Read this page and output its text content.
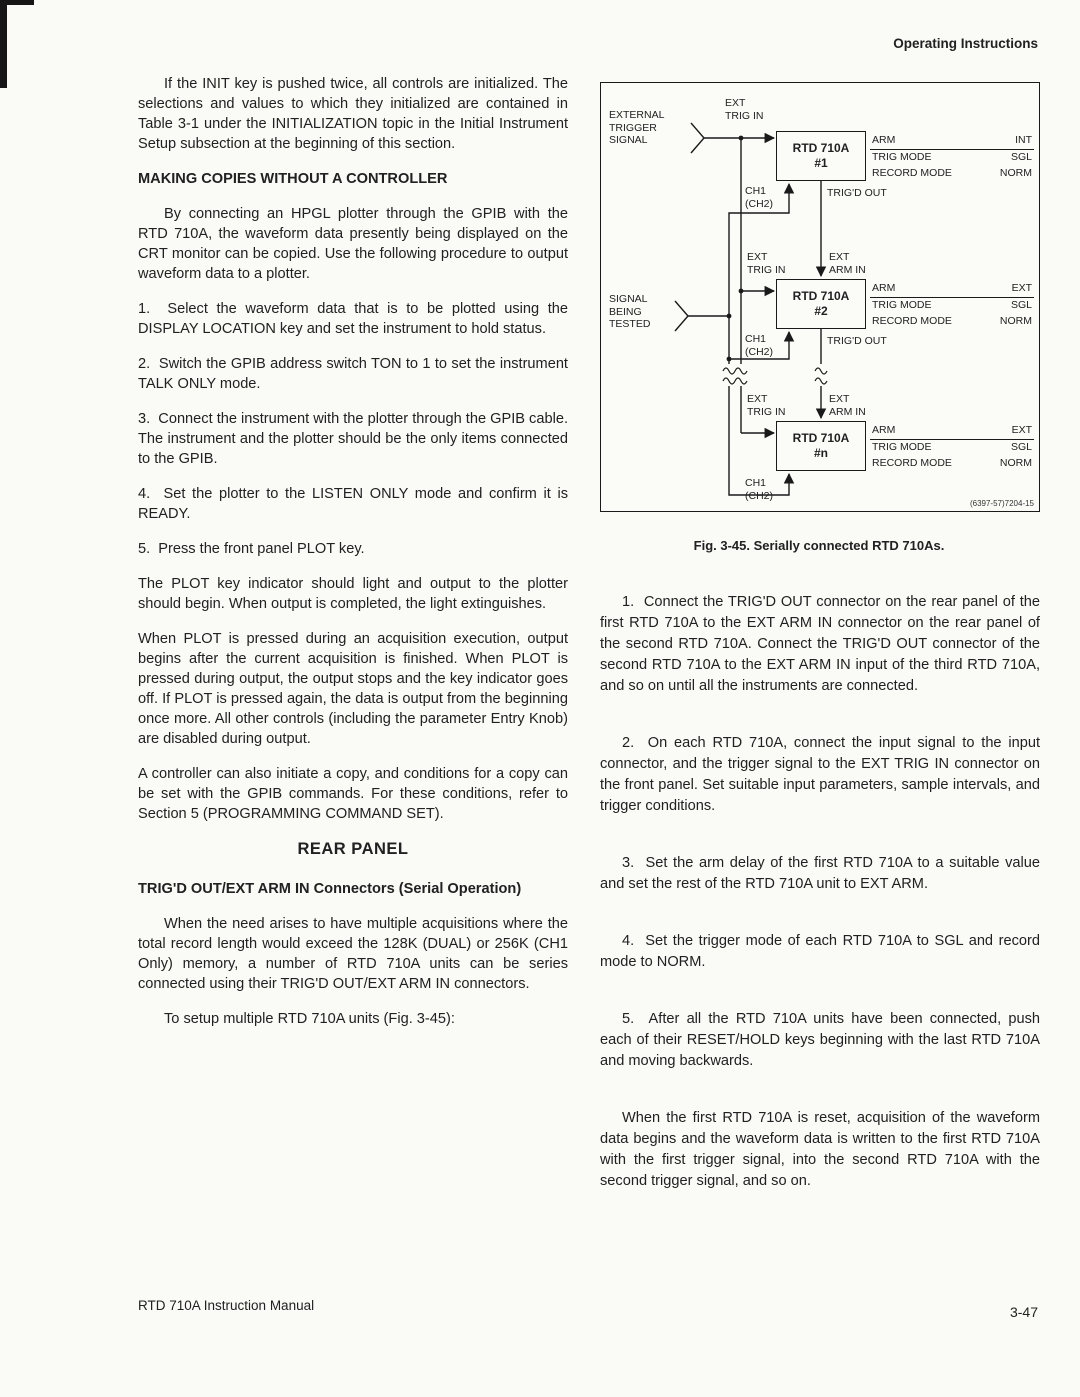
Operating Instructions

If the INIT key is pushed twice, all controls are initialized. The selections and values to which they initialized are contained in Table 3-1 under the INITIALIZATION topic in the Initial Instrument Setup subsection at the beginning of this section.

MAKING COPIES WITHOUT A CONTROLLER

By connecting an HPGL plotter through the GPIB with the RTD 710A, the waveform data presently being displayed on the CRT monitor can be copied. Use the following procedure to output waveform data to a plotter.

1.  Select the waveform data that is to be plotted using the DISPLAY LOCATION key and set the instrument to hold status.

2.  Switch the GPIB address switch TON to 1 to set the instrument TALK ONLY mode.

3.  Connect the instrument with the plotter through the GPIB cable. The instrument and the plotter should be the only items connected to the GPIB.

4.  Set the plotter to the LISTEN ONLY mode and confirm it is READY.

5.  Press the front panel PLOT key.

The PLOT key indicator should light and output to the plotter should begin. When output is completed, the light extinguishes.

When PLOT is pressed during an acquisition execution, output begins after the current acquisition is finished. When PLOT is pressed during output, the output stops and the key indicator goes off. If PLOT is pressed again, the data is output from the beginning once more. All other controls (including the parameter Entry Knob) are disabled during output.

A controller can also initiate a copy, and conditions for a copy can be set with the GPIB commands. For these conditions, refer to Section 5 (PROGRAMMING COMMAND SET).

REAR PANEL
TRIG'D OUT/EXT ARM IN Connectors (Serial Operation)

When the need arises to have multiple acquisitions where the total record length would exceed the 128K (DUAL) or 256K (CH1 Only) memory, a number of RTD 710A units can be series connected using their TRIG'D OUT/EXT ARM IN connectors.

To setup multiple RTD 710A units (Fig. 3-45):

RTD 710A
#1
RTD 710A
#2
RTD 710A
#n
ARM	INT
TRIG MODE	SGL
RECORD MODE	NORM
ARM	EXT
TRIG MODE	SGL
RECORD MODE	NORM
ARM	EXT
TRIG MODE	SGL
RECORD MODE	NORM
EXTERNAL
TRIGGER
SIGNAL
EXT
TRIG IN
CH1
(CH2)
TRIG'D OUT
EXT
TRIG IN
EXT
ARM IN
SIGNAL
BEING
TESTED
CH1
(CH2)
TRIG'D OUT
EXT
TRIG IN
EXT
ARM IN
CH1
(CH2)
(6397-57)7204-15
Fig. 3-45. Serially connected RTD 710As.

1.  Connect the TRIG'D OUT connector on the rear panel of the first RTD 710A to the EXT ARM IN connector on the rear panel of the second RTD 710A. Connect the TRIG'D OUT connector of the second RTD 710A to the EXT ARM IN input of the third RTD 710A, and so on until all the instruments are connected.

2.  On each RTD 710A, connect the input signal to the input connector, and the trigger signal to the EXT TRIG IN connector on the front panel. Set suitable input parameters, sample intervals, and trigger conditions.

3.  Set the arm delay of the first RTD 710A to a suitable value and set the rest of the RTD 710A unit to EXT ARM.

4.  Set the trigger mode of each RTD 710A to SGL and record mode to NORM.

5.  After all the RTD 710A units have been connected, push each of their RESET/HOLD keys beginning with the last RTD 710A and moving backwards.

When the first RTD 710A is reset, acquisition of the waveform data begins and the waveform data is written to the first RTD 710A with the first trigger signal, into the second RTD 710A with the second trigger signal, and so on.

RTD 710A Instruction Manual	3-47
